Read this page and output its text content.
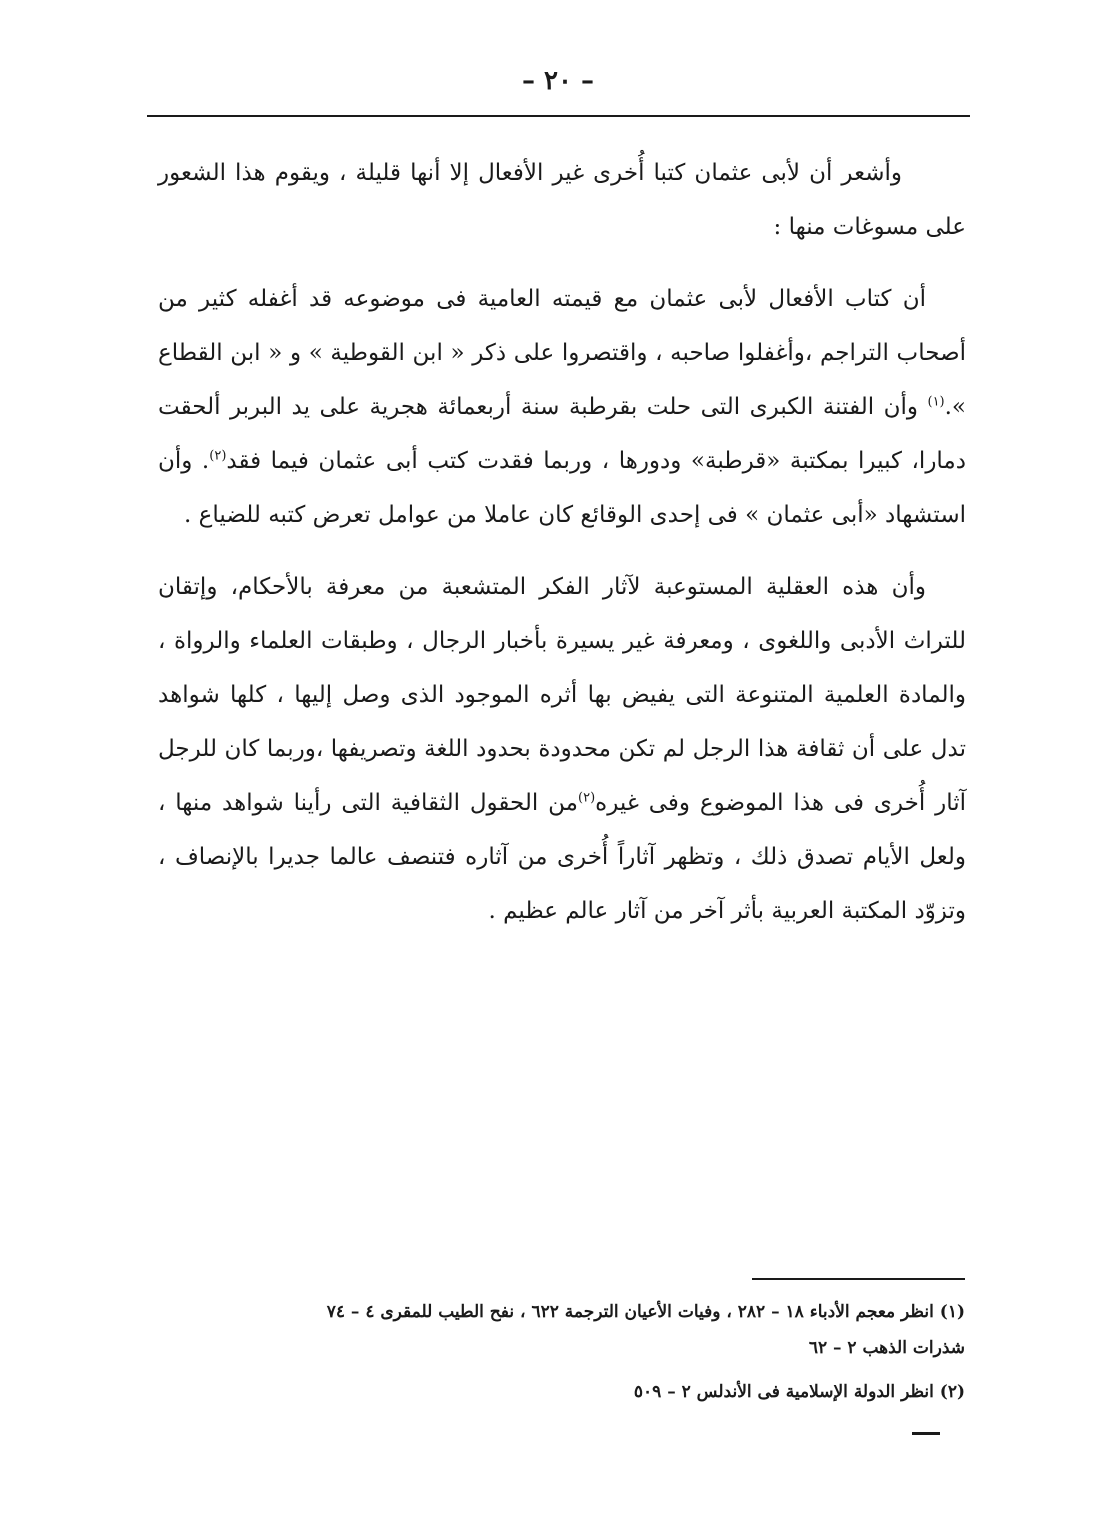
– ٢٠ –

وأشعر أن لأبى عثمان كتبا أُخرى غير الأفعال إلا أنها قليلة ، ويقوم هذا الشعور على مسوغات منها :

أن كتاب الأفعال لأبى عثمان مع قيمته العامية فى موضوعه قد أغفله كثير من أصحاب التراجم ،وأغفلوا صاحبه ، واقتصروا على ذكر « ابن القوطية » و « ابن القطاع ».$^{(١)}$ وأن الفتنة الكبرى التى حلت بقرطبة سنة أربعمائة هجرية على يد البربر ألحقت دمارا، كبيرا بمكتبة «قرطبة» ودورها ، وربما فقدت كتب أبى عثمان فيما فقد$^{(٢)}$. وأن استشهاد «أبى عثمان » فى إحدى الوقائع كان عاملا من عوامل تعرض كتبه للضياع .

وأن هذه العقلية المستوعبة لآثار الفكر المتشعبة من معرفة بالأحكام، وإتقان للتراث الأدبى واللغوى ، ومعرفة غير يسيرة بأخبار الرجال ، وطبقات العلماء والرواة ، والمادة العلمية المتنوعة التى يفيض بها أثره الموجود الذى وصل إليها ، كلها شواهد تدل على أن ثقافة هذا الرجل لم تكن محدودة بحدود اللغة وتصريفها ،وربما كان للرجل آثار أُخرى فى هذا الموضوع وفى غيره$^{(٢)}$من الحقول الثقافية التى رأينا شواهد منها ، ولعل الأيام تصدق ذلك ، وتظهر آثاراً أُخرى من آثاره فتنصف عالما جديرا بالإنصاف ، وتزوّد المكتبة العربية بأثر آخر من آثار عالم عظيم .

(١) انظر معجم الأدباء ١٨ – ٢٨٢ ، وفيات الأعيان الترجمة ٦٢٢ ، نفح الطيب للمقرى ٤ – ٧٤

شذرات الذهب ٢ – ٦٢

(٢) انظر الدولة الإسلامية فى الأندلس ٢ – ٥٠٩
